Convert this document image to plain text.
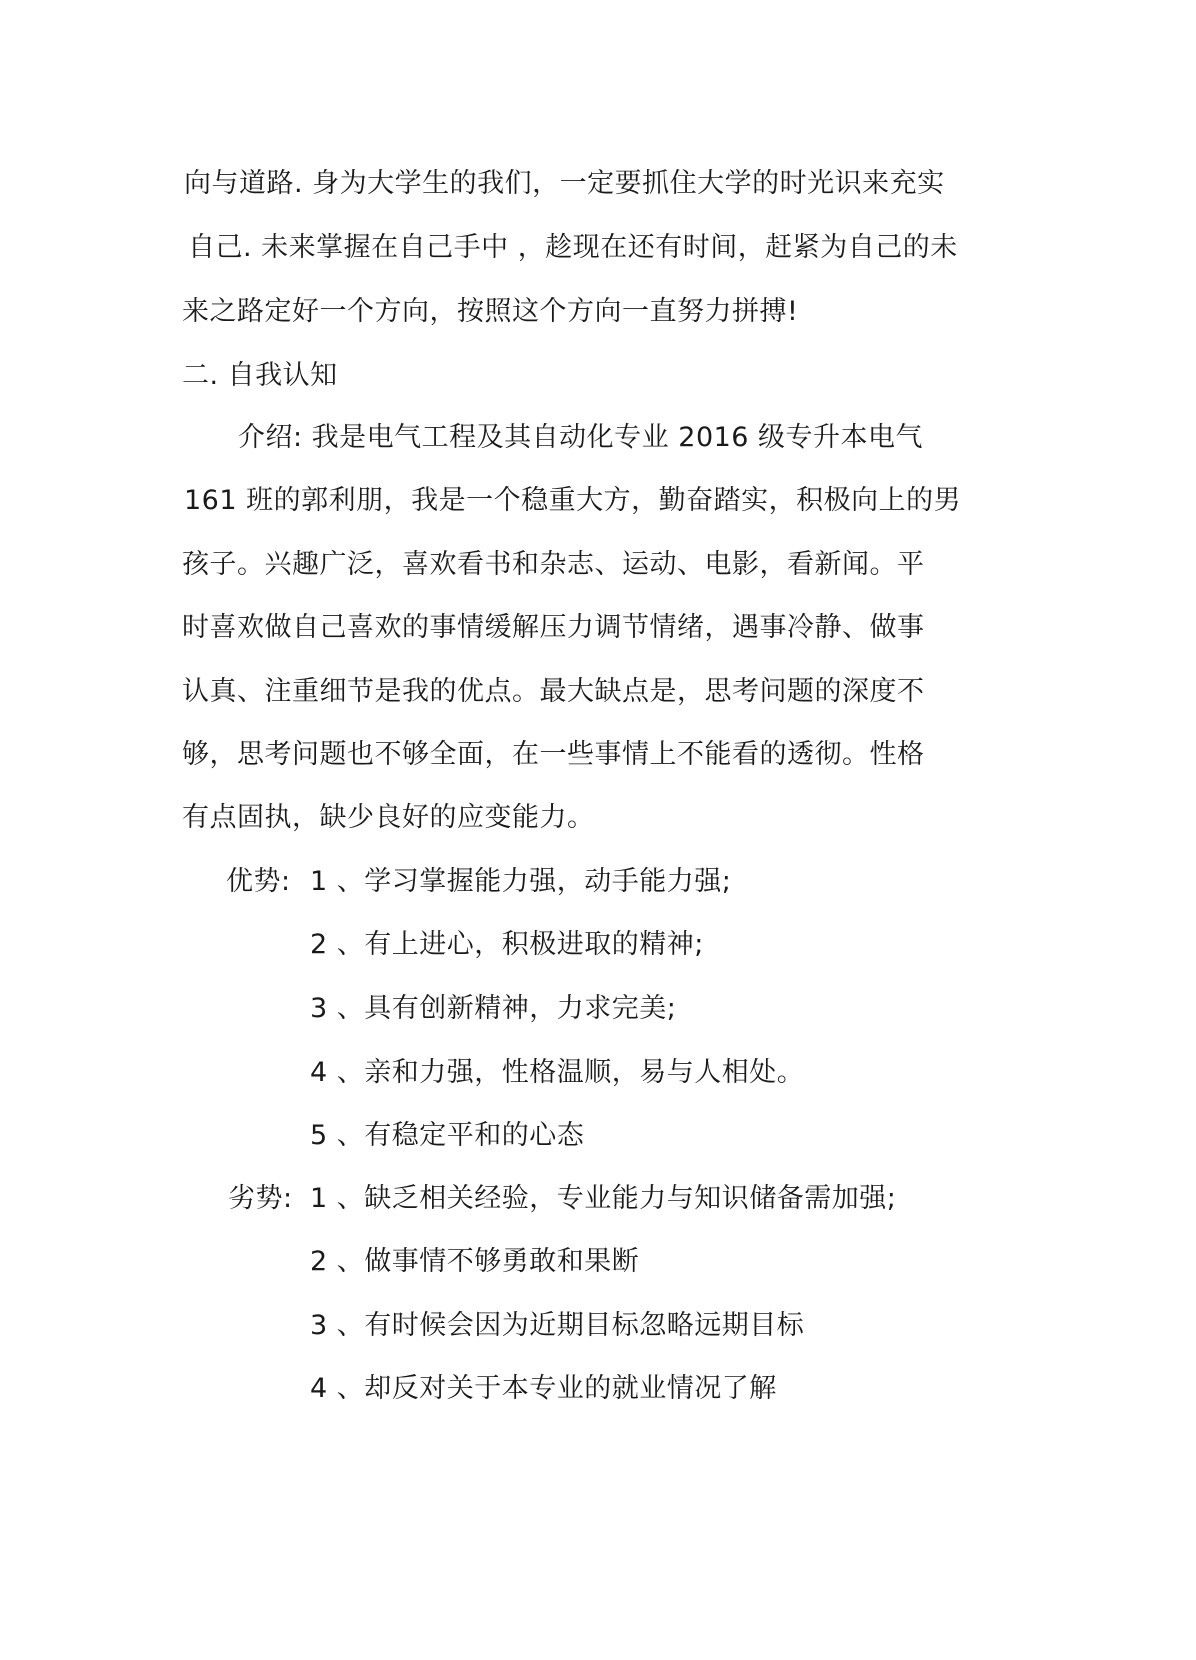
向与道路. 身为大学生的我们，一定要抓住大学的时光识来充实
自己. 未来掌握在自己手中 ，趁现在还有时间，赶紧为自己的未
来之路定好一个方向，按照这个方向一直努力拼搏!
二. 自我认知
介绍: 我是电气工程及其自动化专业 2016 级专升本电气
161 班的郭利朋，我是一个稳重大方，勤奋踏实，积极向上的男
孩子。兴趣广泛，喜欢看书和杂志、运动、电影，看新闻。平
时喜欢做自己喜欢的事情缓解压力调节情绪，遇事冷静、做事
认真、注重细节是我的优点。最大缺点是，思考问题的深度不
够，思考问题也不够全面，在一些事情上不能看的透彻。性格
有点固执，缺少良好的应变能力。
优势: 1 、学习掌握能力强，动手能力强;
2 、有上进心，积极进取的精神;
3 、具有创新精神，力求完美;
4 、亲和力强，性格温顺，易与人相处。
5 、有稳定平和的心态
劣势: 1 、缺乏相关经验，专业能力与知识储备需加强;
2 、做事情不够勇敢和果断
3 、有时候会因为近期目标忽略远期目标
4 、却反对关于本专业的就业情况了解
